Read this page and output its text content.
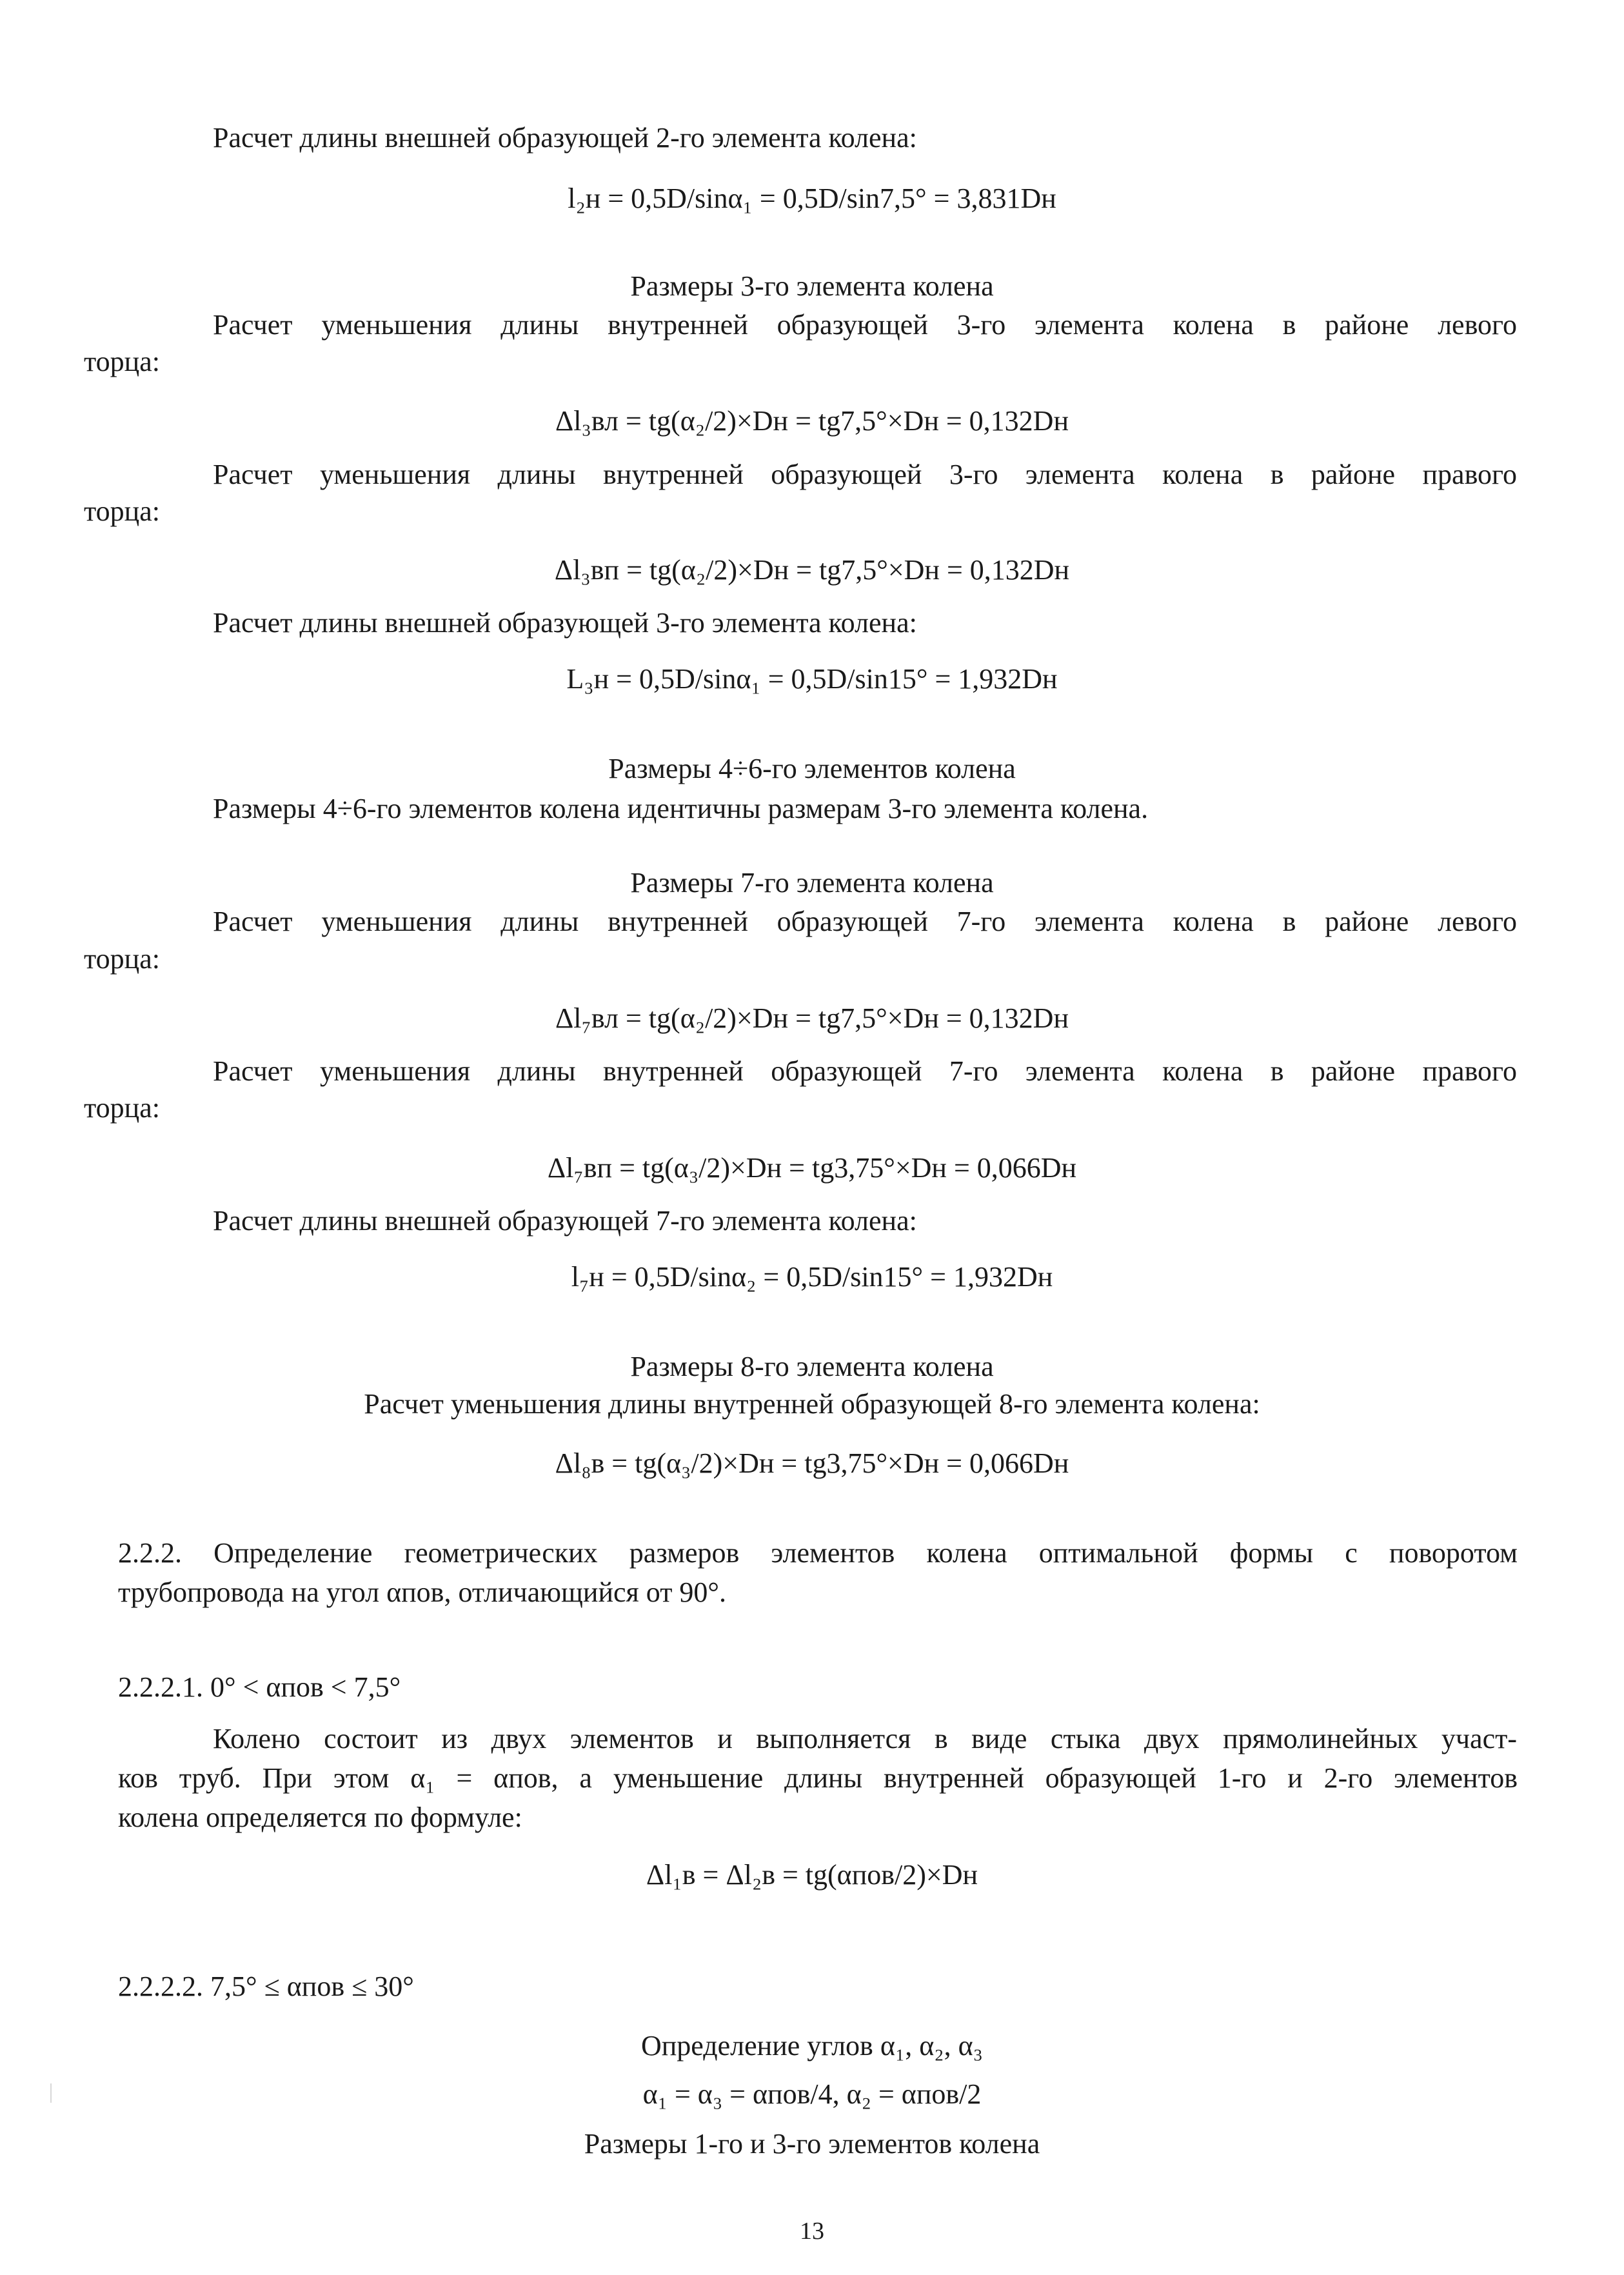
Расчет длины внешней образующей 2-го элемента колена:
l₂н = 0,5D/sinα₁ = 0,5D/sin7,5° = 3,831Dн
Размеры 3-го элемента колена
Расчет уменьшения длины внутренней образующей 3-го элемента колена в районе левого
торца:
Δl₃вл = tg(α₂/2)×Dн = tg7,5°×Dн = 0,132Dн
Расчет уменьшения длины внутренней образующей 3-го элемента колена в районе правого
торца:
Δl₃вп = tg(α₂/2)×Dн = tg7,5°×Dн = 0,132Dн
Расчет длины внешней образующей 3-го элемента колена:
L₃н = 0,5D/sinα₁ = 0,5D/sin15° = 1,932Dн
Размеры 4÷6-го элементов колена
Размеры 4÷6-го элементов колена идентичны размерам 3-го элемента колена.
Размеры 7-го элемента колена
Расчет уменьшения длины внутренней образующей 7-го элемента колена в районе левого
торца:
Δl₇вл = tg(α₂/2)×Dн = tg7,5°×Dн = 0,132Dн
Расчет уменьшения длины внутренней образующей 7-го элемента колена в районе правого
торца:
Δl₇вп = tg(α₃/2)×Dн = tg3,75°×Dн = 0,066Dн
Расчет длины внешней образующей 7-го элемента колена:
l₇н = 0,5D/sinα₂ = 0,5D/sin15° = 1,932Dн
Размеры 8-го элемента колена
Расчет уменьшения длины внутренней образующей 8-го элемента колена:
Δl₈в = tg(α₃/2)×Dн = tg3,75°×Dн = 0,066Dн
2.2.2. Определение геометрических размеров элементов колена оптимальной формы с поворотом
трубопровода на угол αпов, отличающийся от 90°.
2.2.2.1. 0° < αпов < 7,5°
Колено состоит из двух элементов и выполняется в виде стыка двух прямолинейных участ-
ков труб. При этом α₁ = αпов, а уменьшение длины внутренней образующей 1-го и 2-го элементов
колена определяется по формуле:
Δl₁в = Δl₂в = tg(αпов/2)×Dн
2.2.2.2. 7,5° ≤ αпов ≤ 30°
Определение углов α₁, α₂, α₃
α₁ = α₃ = αпов/4, α₂ = αпов/2
Размеры 1-го и 3-го элементов колена
13
